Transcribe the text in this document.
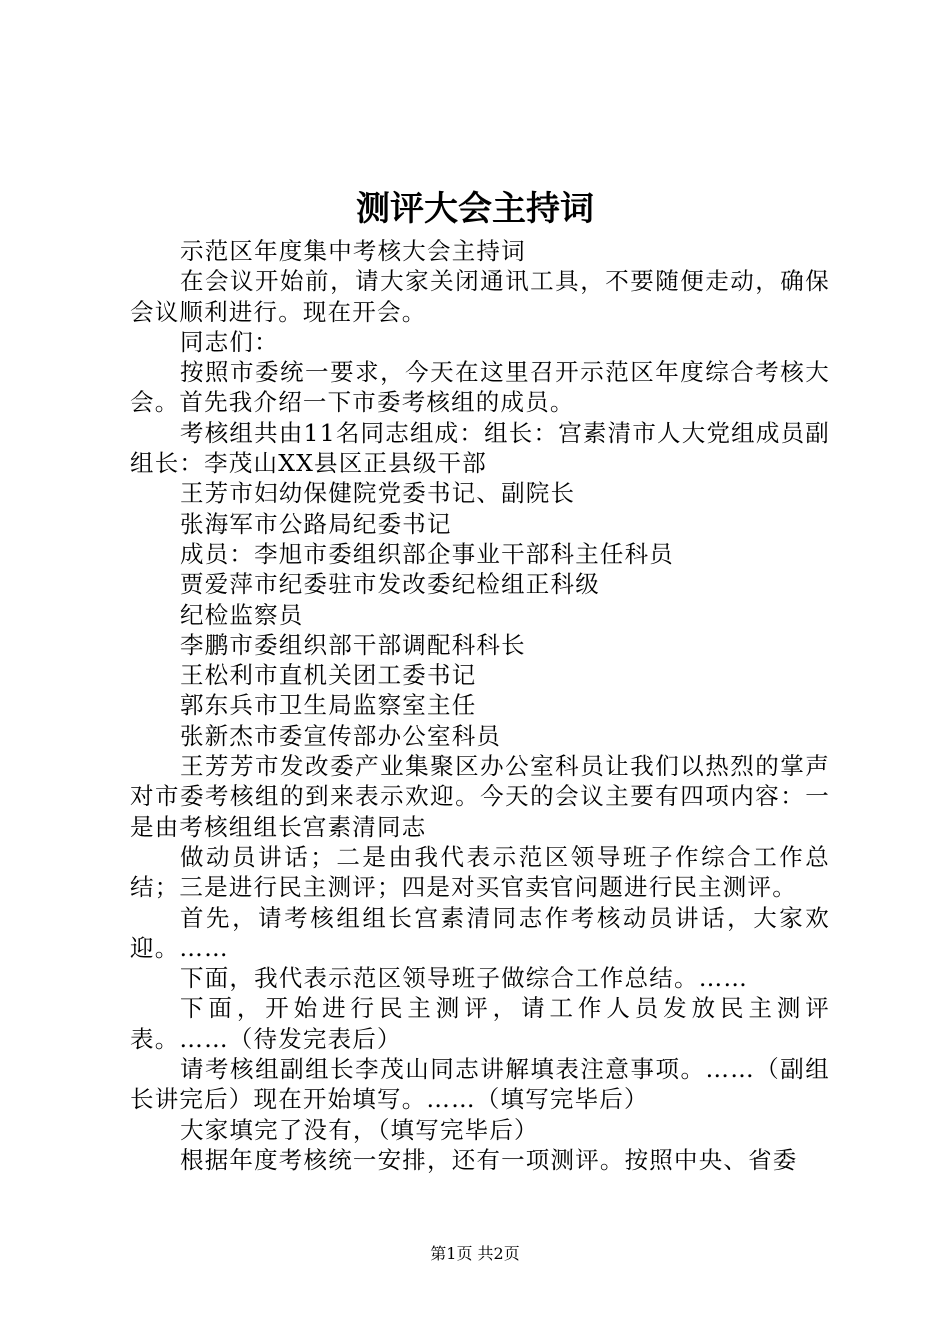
测评大会主持词

示范区年度集中考核大会主持词

在会议开始前，请大家关闭通讯工具，不要随便走动，确保会议顺利进行。现在开会。

同志们：

按照市委统一要求，今天在这里召开示范区年度综合考核大会。首先我介绍一下市委考核组的成员。

考核组共由11名同志组成：组长：宫素清市人大党组成员副组长：李茂山XX县区正县级干部

王芳市妇幼保健院党委书记、副院长

张海军市公路局纪委书记

成员：李旭市委组织部企事业干部科主任科员

贾爱萍市纪委驻市发改委纪检组正科级

纪检监察员

李鹏市委组织部干部调配科科长

王松利市直机关团工委书记

郭东兵市卫生局监察室主任

张新杰市委宣传部办公室科员

王芳芳市发改委产业集聚区办公室科员让我们以热烈的掌声对市委考核组的到来表示欢迎。今天的会议主要有四项内容：一是由考核组组长宫素清同志

做动员讲话；二是由我代表示范区领导班子作综合工作总结；三是进行民主测评；四是对买官卖官问题进行民主测评。

首先，请考核组组长宫素清同志作考核动员讲话，大家欢迎。……

下面，我代表示范区领导班子做综合工作总结。……

下面，开始进行民主测评，请工作人员发放民主测评表。……（待发完表后）

请考核组副组长李茂山同志讲解填表注意事项。……（副组长讲完后）现在开始填写。……（填写完毕后）

大家填完了没有，（填写完毕后）

根据年度考核统一安排，还有一项测评。按照中央、省委

第1页 共2页
